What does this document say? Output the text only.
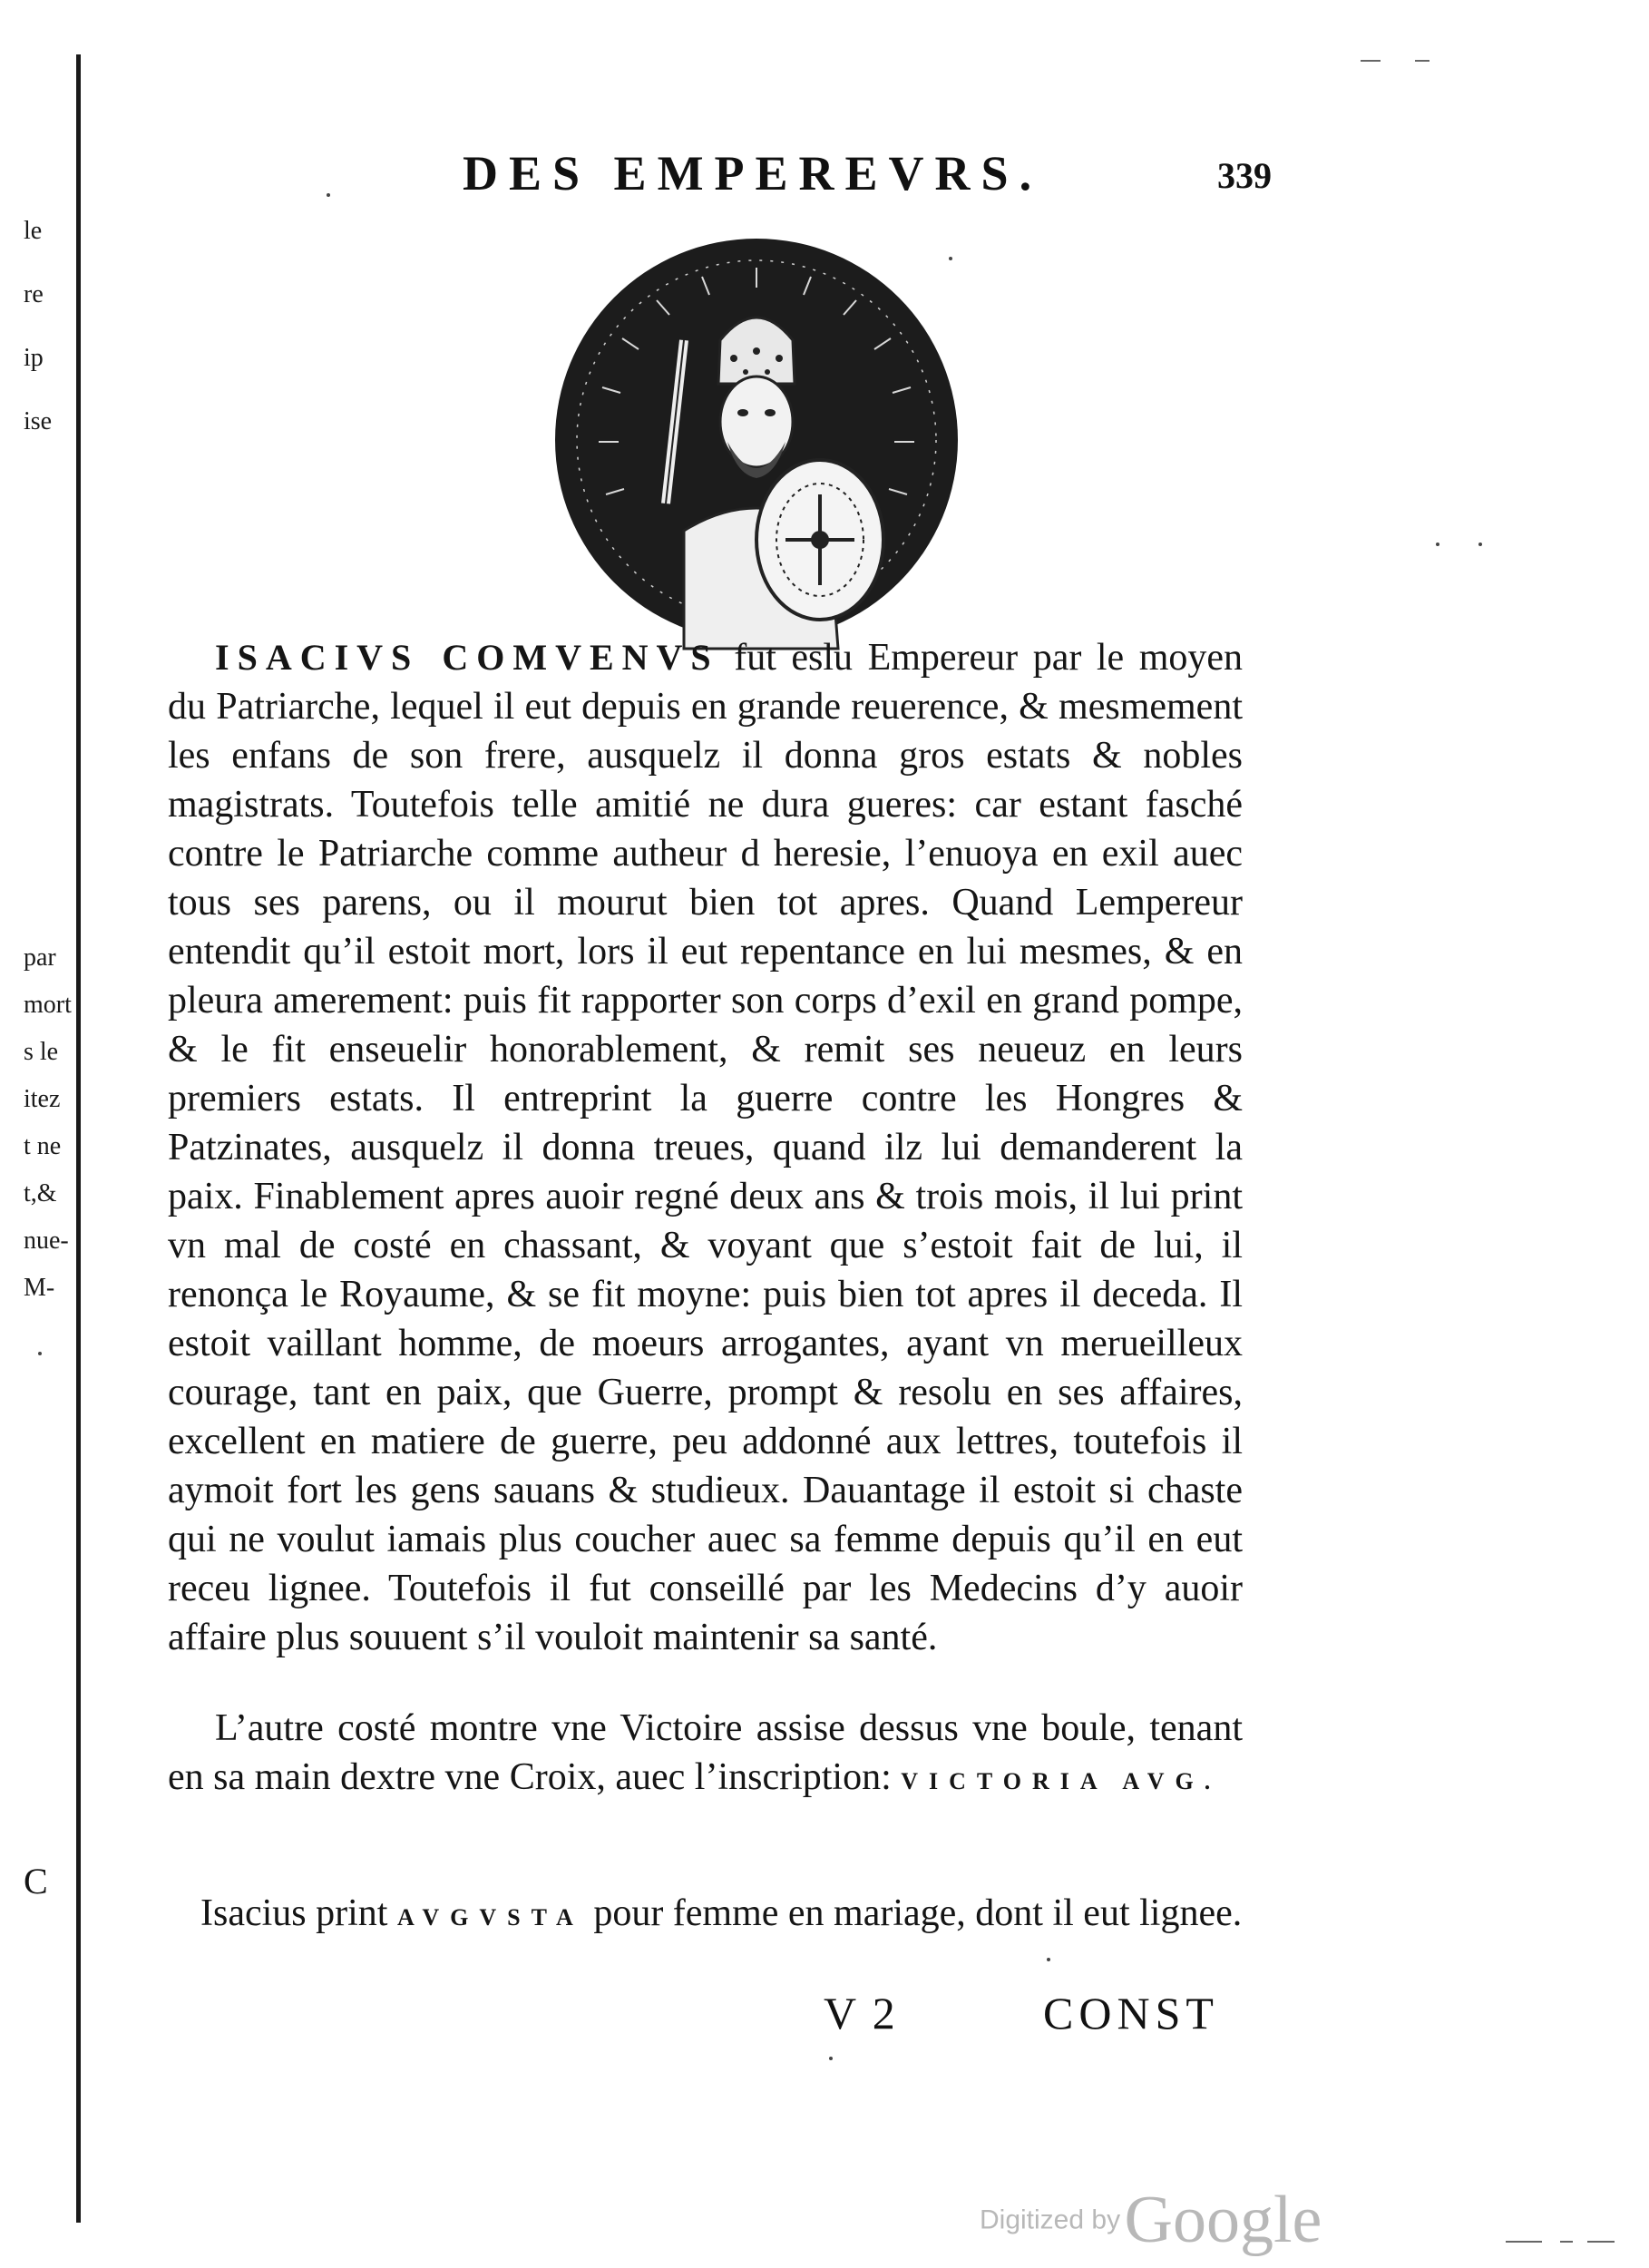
le
re
ip
ise
par
mort
s le
itez
t ne
t,&
nue-
M-
C
DES EMPEREVRS.	339
ISACIVS COMVENVS fut eslu Empereur par le moyen du Patriarche, lequel il eut depuis en grande reuerence, & mesmement les enfans de son frere, ausquelz il donna gros estats & nobles magistrats. Toutefois telle amitié ne dura gueres: car estant fasché contre le Patriarche comme autheur d heresie, l’enuoya en exil auec tous ses parens, ou il mourut bien tot apres. Quand Lempereur entendit qu’il estoit mort, lors il eut repentance en lui mesmes, & en pleura amerement: puis fit rapporter son corps d’exil en grand pompe, & le fit enseuelir honorablement, & remit ses neueuz en leurs premiers estats. Il entreprint la guerre contre les Hongres & Patzinates, ausquelz il donna treues, quand ilz lui demanderent la paix. Finablement apres auoir regné deux ans & trois mois, il lui print vn mal de costé en chassant, & voyant que s’estoit fait de lui, il renonça le Royaume, & se fit moyne: puis bien tot apres il deceda. Il estoit vaillant homme, de moeurs arrogantes, ayant vn merueilleux courage, tant en paix, que Guerre, prompt & resolu en ses affaires, excellent en matiere de guerre, peu addonné aux lettres, toutefois il aymoit fort les gens sauans & studieux. Dauantage il estoit si chaste qui ne voulut iamais plus coucher auec sa femme depuis qu’il en eut receu lignee. Toutefois il fut conseillé par les Medecins d’y auoir affaire plus souuent s’il vouloit maintenir sa santé.
L’autre costé montre vne Victoire assise dessus vne boule, tenant en sa main dextre vne Croix, auec l’inscription: VICTORIA AVG.
Isacius print AVGVSTA pour femme en mariage, dont il eut lignee.
V 2	CONST
Digitized by Google
